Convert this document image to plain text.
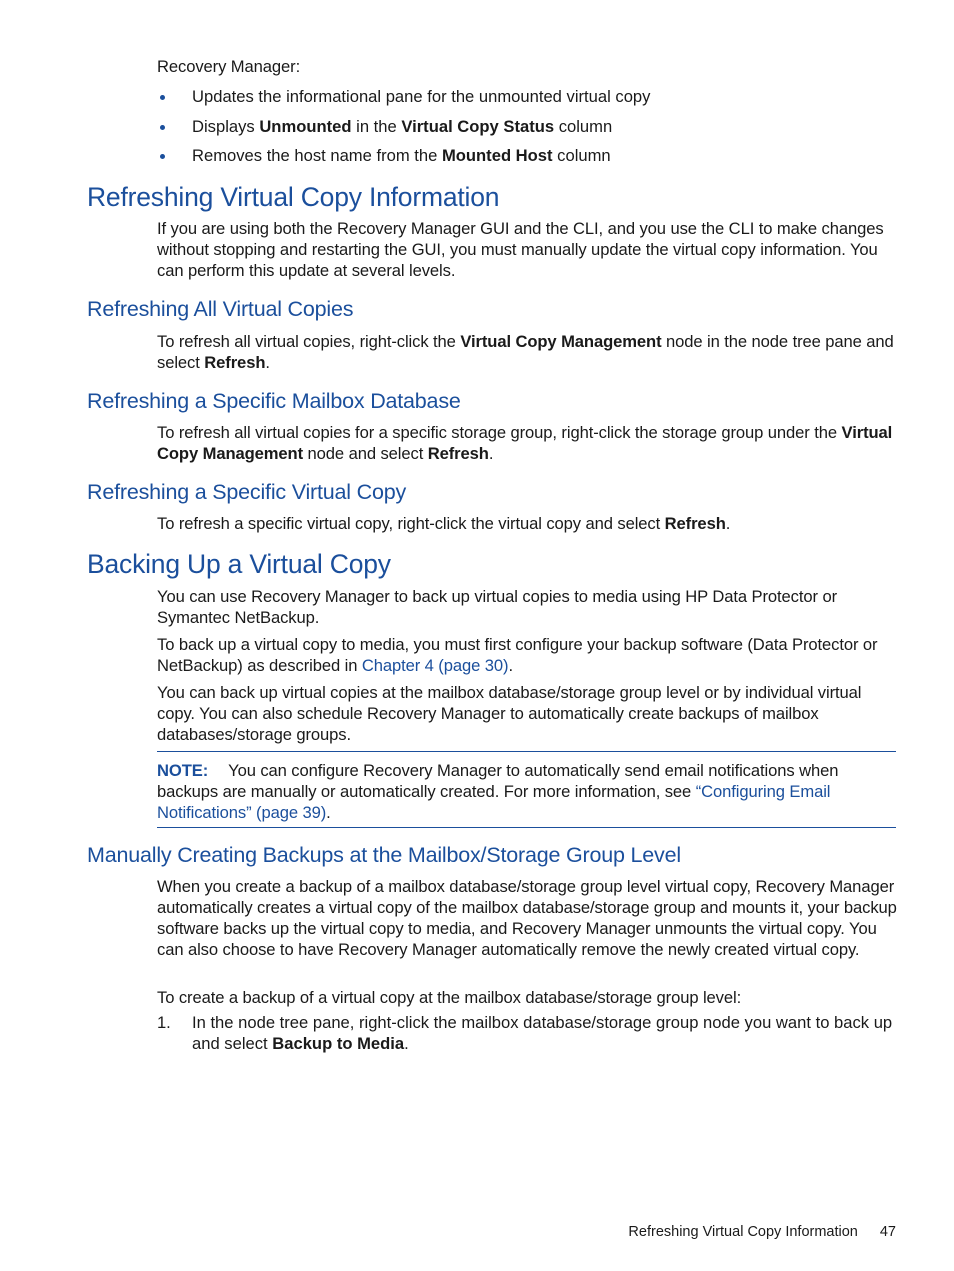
Recovery Manager:
Updates the informational pane for the unmounted virtual copy
Displays Unmounted in the Virtual Copy Status column
Removes the host name from the Mounted Host column
Refreshing Virtual Copy Information

If you are using both the Recovery Manager GUI and the CLI, and you use the CLI to make changes without stopping and restarting the GUI, you must manually update the virtual copy information. You can perform this update at several levels.

Refreshing All Virtual Copies

To refresh all virtual copies, right-click the Virtual Copy Management node in the node tree pane and select Refresh.

Refreshing a Specific Mailbox Database

To refresh all virtual copies for a specific storage group, right-click the storage group under the Virtual Copy Management node and select Refresh.

Refreshing a Specific Virtual Copy

To refresh a specific virtual copy, right-click the virtual copy and select Refresh.

Backing Up a Virtual Copy

You can use Recovery Manager to back up virtual copies to media using HP Data Protector or Symantec NetBackup.

To back up a virtual copy to media, you must first configure your backup software (Data Protector or NetBackup) as described in Chapter 4 (page 30).

You can back up virtual copies at the mailbox database/storage group level or by individual virtual copy. You can also schedule Recovery Manager to automatically create backups of mailbox databases/storage groups.

NOTE: You can configure Recovery Manager to automatically send email notifications when backups are manually or automatically created. For more information, see “Configuring Email Notifications” (page 39).

Manually Creating Backups at the Mailbox/Storage Group Level

When you create a backup of a mailbox database/storage group level virtual copy, Recovery Manager automatically creates a virtual copy of the mailbox database/storage group and mounts it, your backup software backs up the virtual copy to media, and Recovery Manager unmounts the virtual copy. You can also choose to have Recovery Manager automatically remove the newly created virtual copy.

To create a backup of a virtual copy at the mailbox database/storage group level:

1.	In the node tree pane, right-click the mailbox database/storage group node you want to back up and select Backup to Media.

Refreshing Virtual Copy Information 47
